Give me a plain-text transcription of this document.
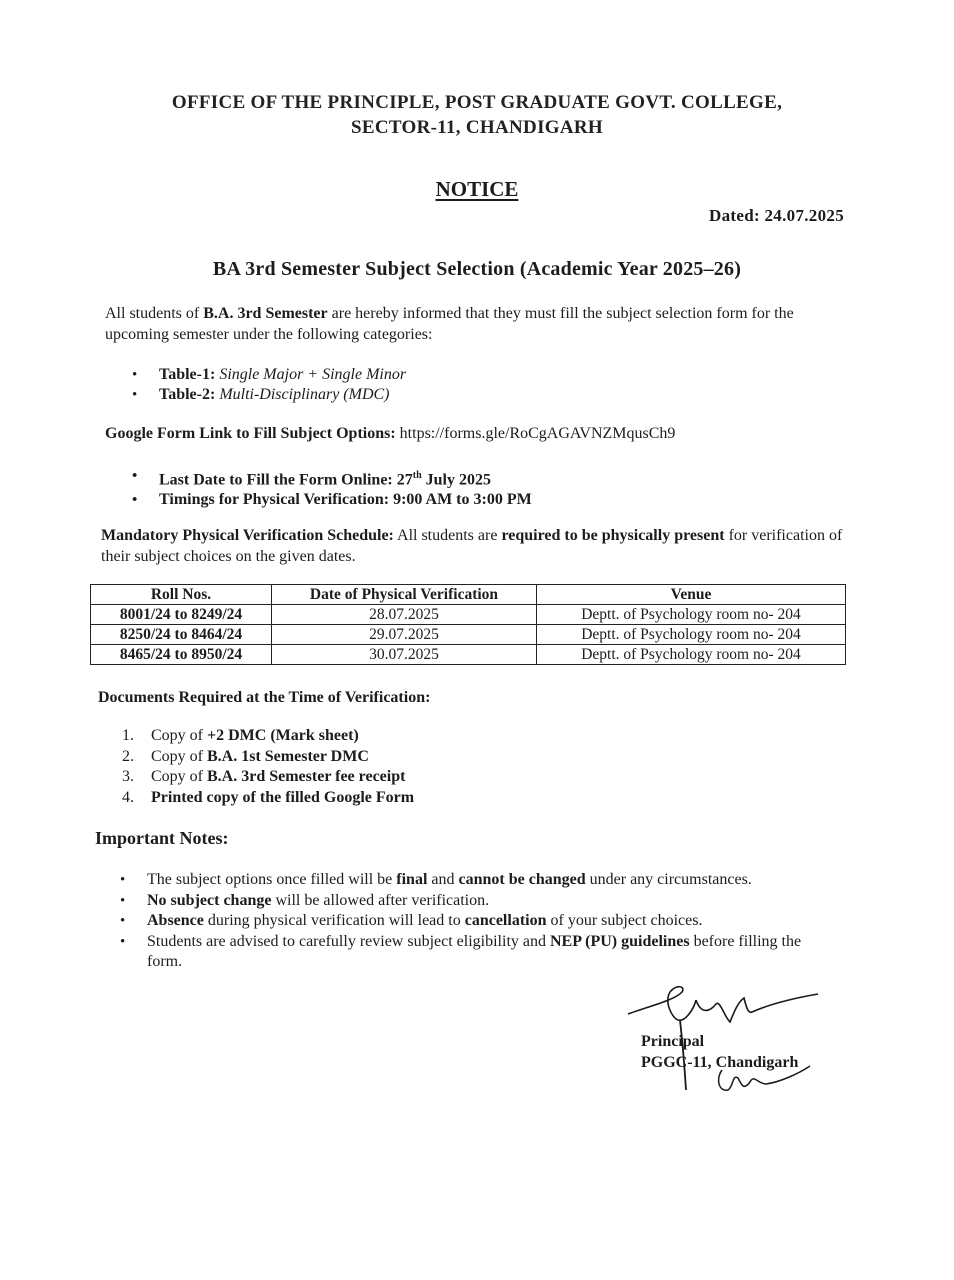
OFFICE OF THE PRINCIPLE, POST GRADUATE GOVT. COLLEGE,
SECTOR-11, CHANDIGARH
NOTICE
Dated: 24.07.2025
BA 3rd Semester Subject Selection (Academic Year 2025–26)
All students of B.A. 3rd Semester are hereby informed that they must fill the subject selection form for the upcoming semester under the following categories:
• Table-1: Single Major + Single Minor
• Table-2: Multi-Disciplinary (MDC)
Google Form Link to Fill Subject Options: https://forms.gle/RoCgAGAVNZMqusCh9
• Last Date to Fill the Form Online: 27th July 2025
• Timings for Physical Verification: 9:00 AM to 3:00 PM
Mandatory Physical Verification Schedule: All students are required to be physically present for verification of their subject choices on the given dates.
Roll Nos.	Date of Physical Verification	Venue
8001/24 to 8249/24	28.07.2025	Deptt. of Psychology room no- 204
8250/24 to 8464/24	29.07.2025	Deptt. of Psychology room no- 204
8465/24 to 8950/24	30.07.2025	Deptt. of Psychology room no- 204
Documents Required at the Time of Verification:
1. Copy of +2 DMC (Mark sheet)
2. Copy of B.A. 1st Semester DMC
3. Copy of B.A. 3rd Semester fee receipt
4. Printed copy of the filled Google Form
Important Notes:
• The subject options once filled will be final and cannot be changed under any circumstances.
• No subject change will be allowed after verification.
• Absence during physical verification will lead to cancellation of your subject choices.
• Students are advised to carefully review subject eligibility and NEP (PU) guidelines before filling the form.
Principal
PGGC-11, Chandigarh
